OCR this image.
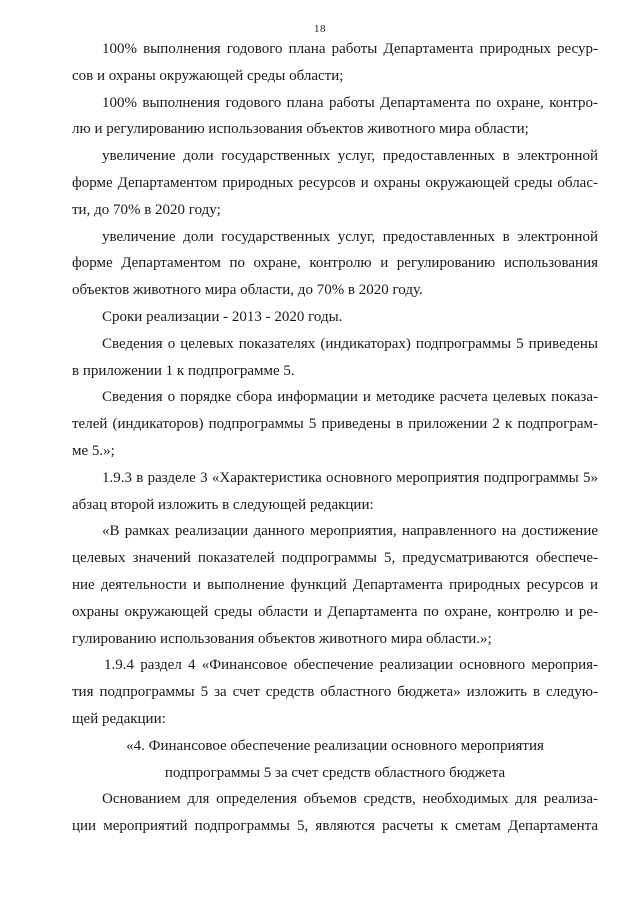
18
100% выполнения годового плана работы Департамента природных ресур-
сов и охраны окружающей среды области;
100% выполнения годового плана работы Департамента по охране, контро-
лю и регулированию использования объектов животного мира области;
увеличение доли государственных услуг, предоставленных в электронной
форме Департаментом природных ресурсов и охраны окружающей среды облас-
ти, до 70% в 2020 году;
увеличение доли государственных услуг, предоставленных в электронной
форме Департаментом по охране, контролю и регулированию использования
объектов животного мира области, до 70% в 2020 году.
Сроки реализации - 2013 - 2020 годы.
Сведения о целевых показателях (индикаторах) подпрограммы 5 приведены
в приложении 1 к подпрограмме 5.
Сведения о порядке сбора информации и методике расчета целевых показа-
телей (индикаторов) подпрограммы 5 приведены в приложении 2 к подпрограм-
ме 5.»;
1.9.3 в разделе 3 «Характеристика основного мероприятия подпрограммы 5»
абзац второй изложить в следующей редакции:
«В рамках реализации данного мероприятия, направленного на достижение
целевых значений показателей подпрограммы 5, предусматриваются обеспече-
ние деятельности и выполнение функций Департамента природных ресурсов и
охраны окружающей среды области и Департамента по охране, контролю и ре-
гулированию использования объектов животного мира области.»;
1.9.4 раздел 4 «Финансовое обеспечение реализации основного мероприя-
тия подпрограммы 5 за счет средств областного бюджета» изложить в следую-
щей редакции:
«4. Финансовое обеспечение реализации основного мероприятия
подпрограммы 5 за счет средств областного бюджета
Основанием для определения объемов средств, необходимых для реализа-
ции мероприятий подпрограммы 5, являются расчеты к сметам Департамента
